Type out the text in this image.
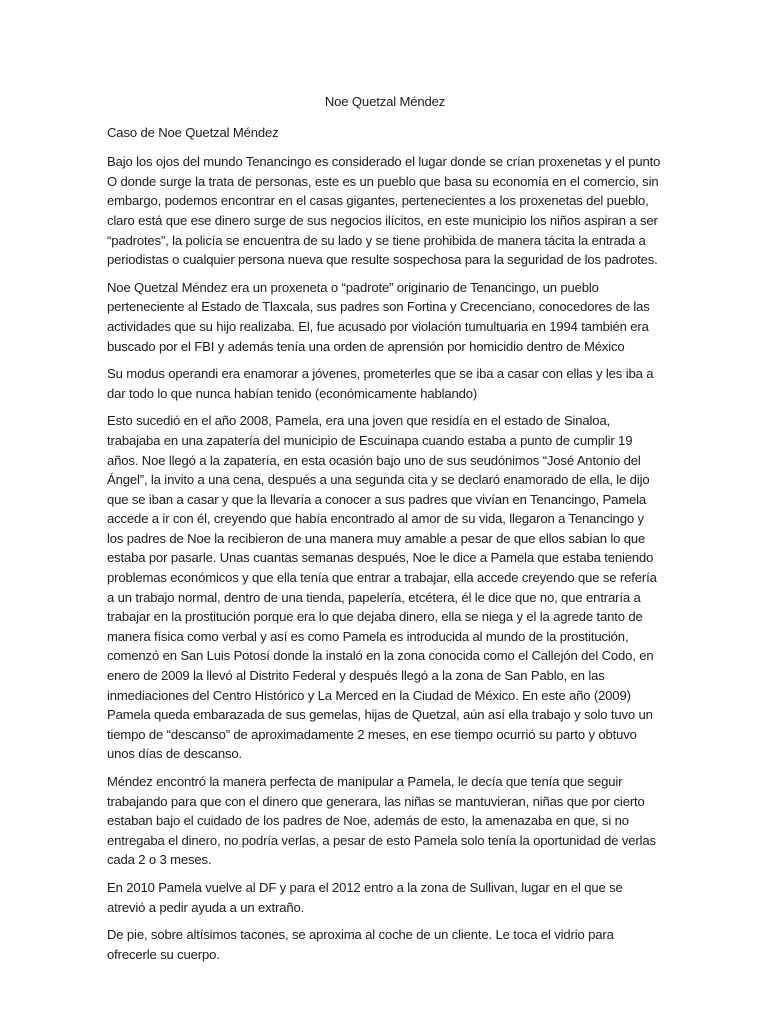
Noe Quetzal Méndez

Caso de Noe Quetzal Méndez

Bajo los ojos del mundo Tenancingo es considerado el lugar donde se crían proxenetas y el punto O donde surge la trata de personas, este es un pueblo que basa su economía en el comercio, sin embargo, podemos encontrar en el casas gigantes, pertenecientes a los proxenetas del pueblo, claro está que ese dinero surge de sus negocios ilícitos, en este municipio los niños aspiran a ser “padrotes”, la policía se encuentra de su lado y se tiene prohibida de manera tácita la entrada a periodistas o cualquier persona nueva que resulte sospechosa para la seguridad de los padrotes.

Noe Quetzal Méndez era un proxeneta o “padrote” originario de Tenancingo, un pueblo perteneciente al Estado de Tlaxcala, sus padres son Fortina y Crecenciano, conocedores de las actividades que su hijo realizaba. El, fue acusado por violación tumultuaria en 1994 también era buscado por el FBI y además tenía una orden de aprensión por homicidio dentro de México

Su modus operandi era enamorar a jóvenes, prometerles que se iba a casar con ellas y les iba a dar todo lo que nunca habían tenido (económicamente hablando)

Esto sucedió en el año 2008, Pamela, era una joven que residía en el estado de Sinaloa, trabajaba en una zapatería del municipio de Escuinapa cuando estaba a punto de cumplir 19 años. Noe llegó a la zapatería, en esta ocasión bajo uno de sus seudónimos “José Antonio del Ángel”, la invito a una cena, después a una segunda cita y se declaró enamorado de ella, le dijo que se iban a casar y que la llevaría a conocer a sus padres que vivían en Tenancingo, Pamela accede a ir con él, creyendo que había encontrado al amor de su vida, llegaron a Tenancingo y los padres de Noe la recibieron de una manera muy amable a pesar de que ellos sabían lo que estaba por pasarle. Unas cuantas semanas después, Noe le dice a Pamela que estaba teniendo problemas económicos y que ella tenía que entrar a trabajar, ella accede creyendo que se refería a un trabajo normal, dentro de una tienda, papelería, etcétera, él le dice que no, que entraría a trabajar en la prostitución porque era lo que dejaba dinero, ella se niega y el la agrede tanto de manera física como verbal y así es como Pamela es introducida al mundo de la prostitución, comenzó en San Luis Potosí donde la instaló en la zona conocida como el Callejón del Codo, en enero de 2009 la llevó al Distrito Federal y después llegó a la zona de San Pablo, en las inmediaciones del Centro Histórico y La Merced en la Ciudad de México. En este año (2009) Pamela queda embarazada de sus gemelas, hijas de Quetzal, aún así ella trabajo y solo tuvo un tiempo de “descanso” de aproximadamente 2 meses, en ese tiempo ocurrió su parto y obtuvo unos días de descanso.

Méndez encontró la manera perfecta de manipular a Pamela, le decía que tenía que seguir trabajando para que con el dinero que generara, las niñas se mantuvieran, niñas que por cierto estaban bajo el cuidado de los padres de Noe, además de esto, la amenazaba en que, si no entregaba el dinero, no podría verlas, a pesar de esto Pamela solo tenía la oportunidad de verlas cada 2 o 3 meses.

En 2010 Pamela vuelve al DF y para el 2012 entro a la zona de Sullivan, lugar en el que se atrevió a pedir ayuda a un extraño.

De pie, sobre altísimos tacones, se aproxima al coche de un cliente. Le toca el vidrio para ofrecerle su cuerpo.
